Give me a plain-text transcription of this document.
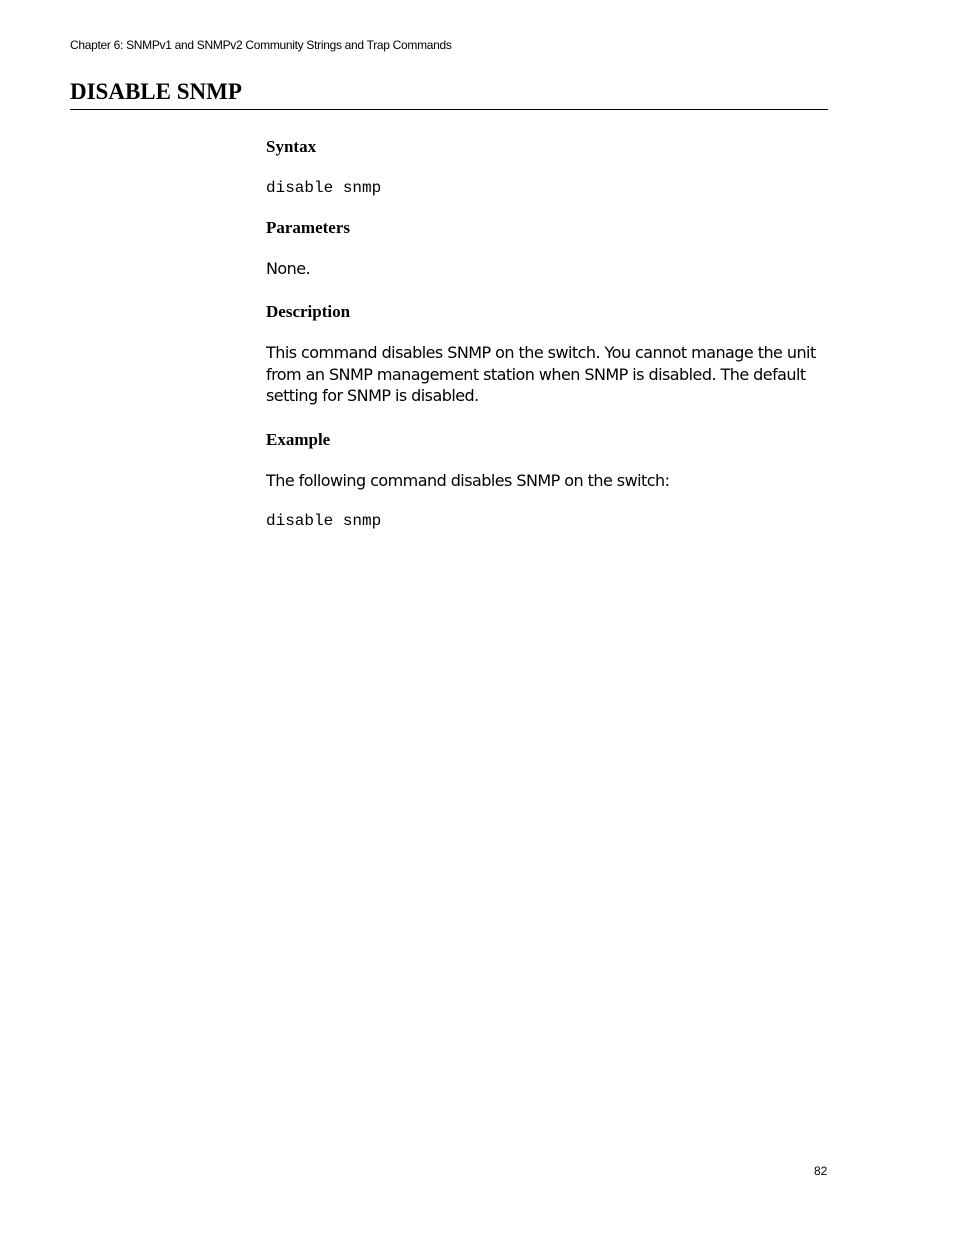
Chapter 6: SNMPv1 and SNMPv2 Community Strings and Trap Commands
DISABLE SNMP
Syntax
disable snmp
Parameters

None.

Description

This command disables SNMP on the switch. You cannot manage the unit from an SNMP management station when SNMP is disabled. The default setting for SNMP is disabled.

Example

The following command disables SNMP on the switch:

disable snmp
82
